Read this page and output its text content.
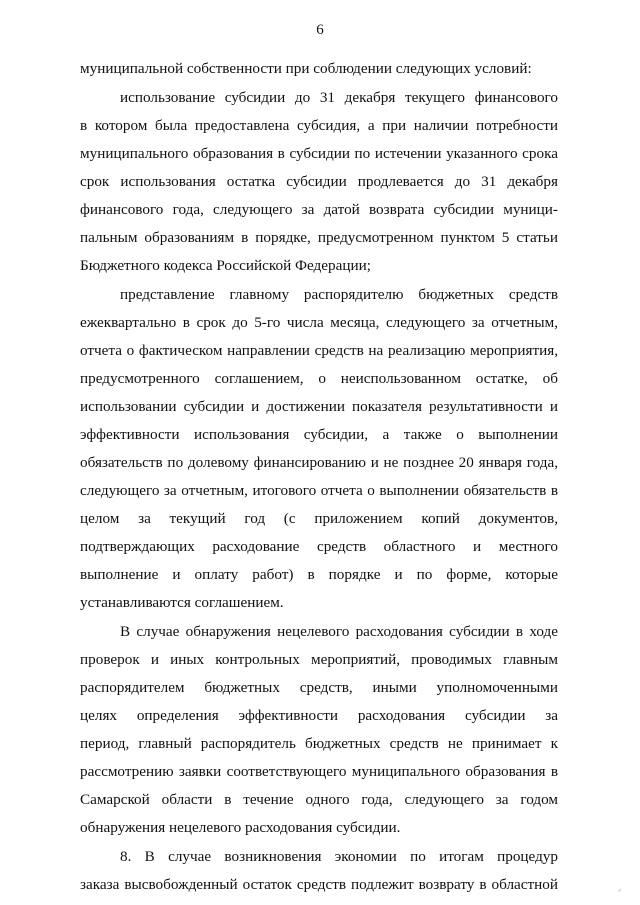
6
муниципальной собственности при соблюдении следующих условий:
использование субсидии до 31 декабря текущего финансового
в котором была предоставлена субсидия, а при наличии потребности
муниципального образования в субсидии по истечении указанного срока
срок использования остатка субсидии продлевается до 31 декабря
финансового года, следующего за датой возврата субсидии муници-
пальным образованиям в порядке, предусмотренном пунктом 5 статьи
Бюджетного кодекса Российской Федерации;
представление главному распорядителю бюджетных средств
ежеквартально в срок до 5-го числа месяца, следующего за отчетным,
отчета о фактическом направлении средств на реализацию мероприятия,
предусмотренного соглашением, о неиспользованном остатке, об
использовании субсидии и достижении показателя результативности и
эффективности использования субсидии, а также о выполнении
обязательств по долевому финансированию и не позднее 20 января года,
следующего за отчетным, итогового отчета о выполнении обязательств в
целом за текущий год (с приложением копий документов,
подтверждающих расходование средств областного и местного
выполнение и оплату работ) в порядке и по форме, которые
устанавливаются соглашением.
В случае обнаружения нецелевого расходования субсидии в ходе
проверок и иных контрольных мероприятий, проводимых главным
распорядителем бюджетных средств, иными уполномоченными
целях определения эффективности расходования субсидии за
период, главный распорядитель бюджетных средств не принимает к
рассмотрению заявки соответствующего муниципального образования в
Самарской области в течение одного года, следующего за годом
обнаружения нецелевого расходования субсидии.
8. В случае возникновения экономии по итогам процедур
заказа высвобожденный остаток средств подлежит возврату в областной	⸗
